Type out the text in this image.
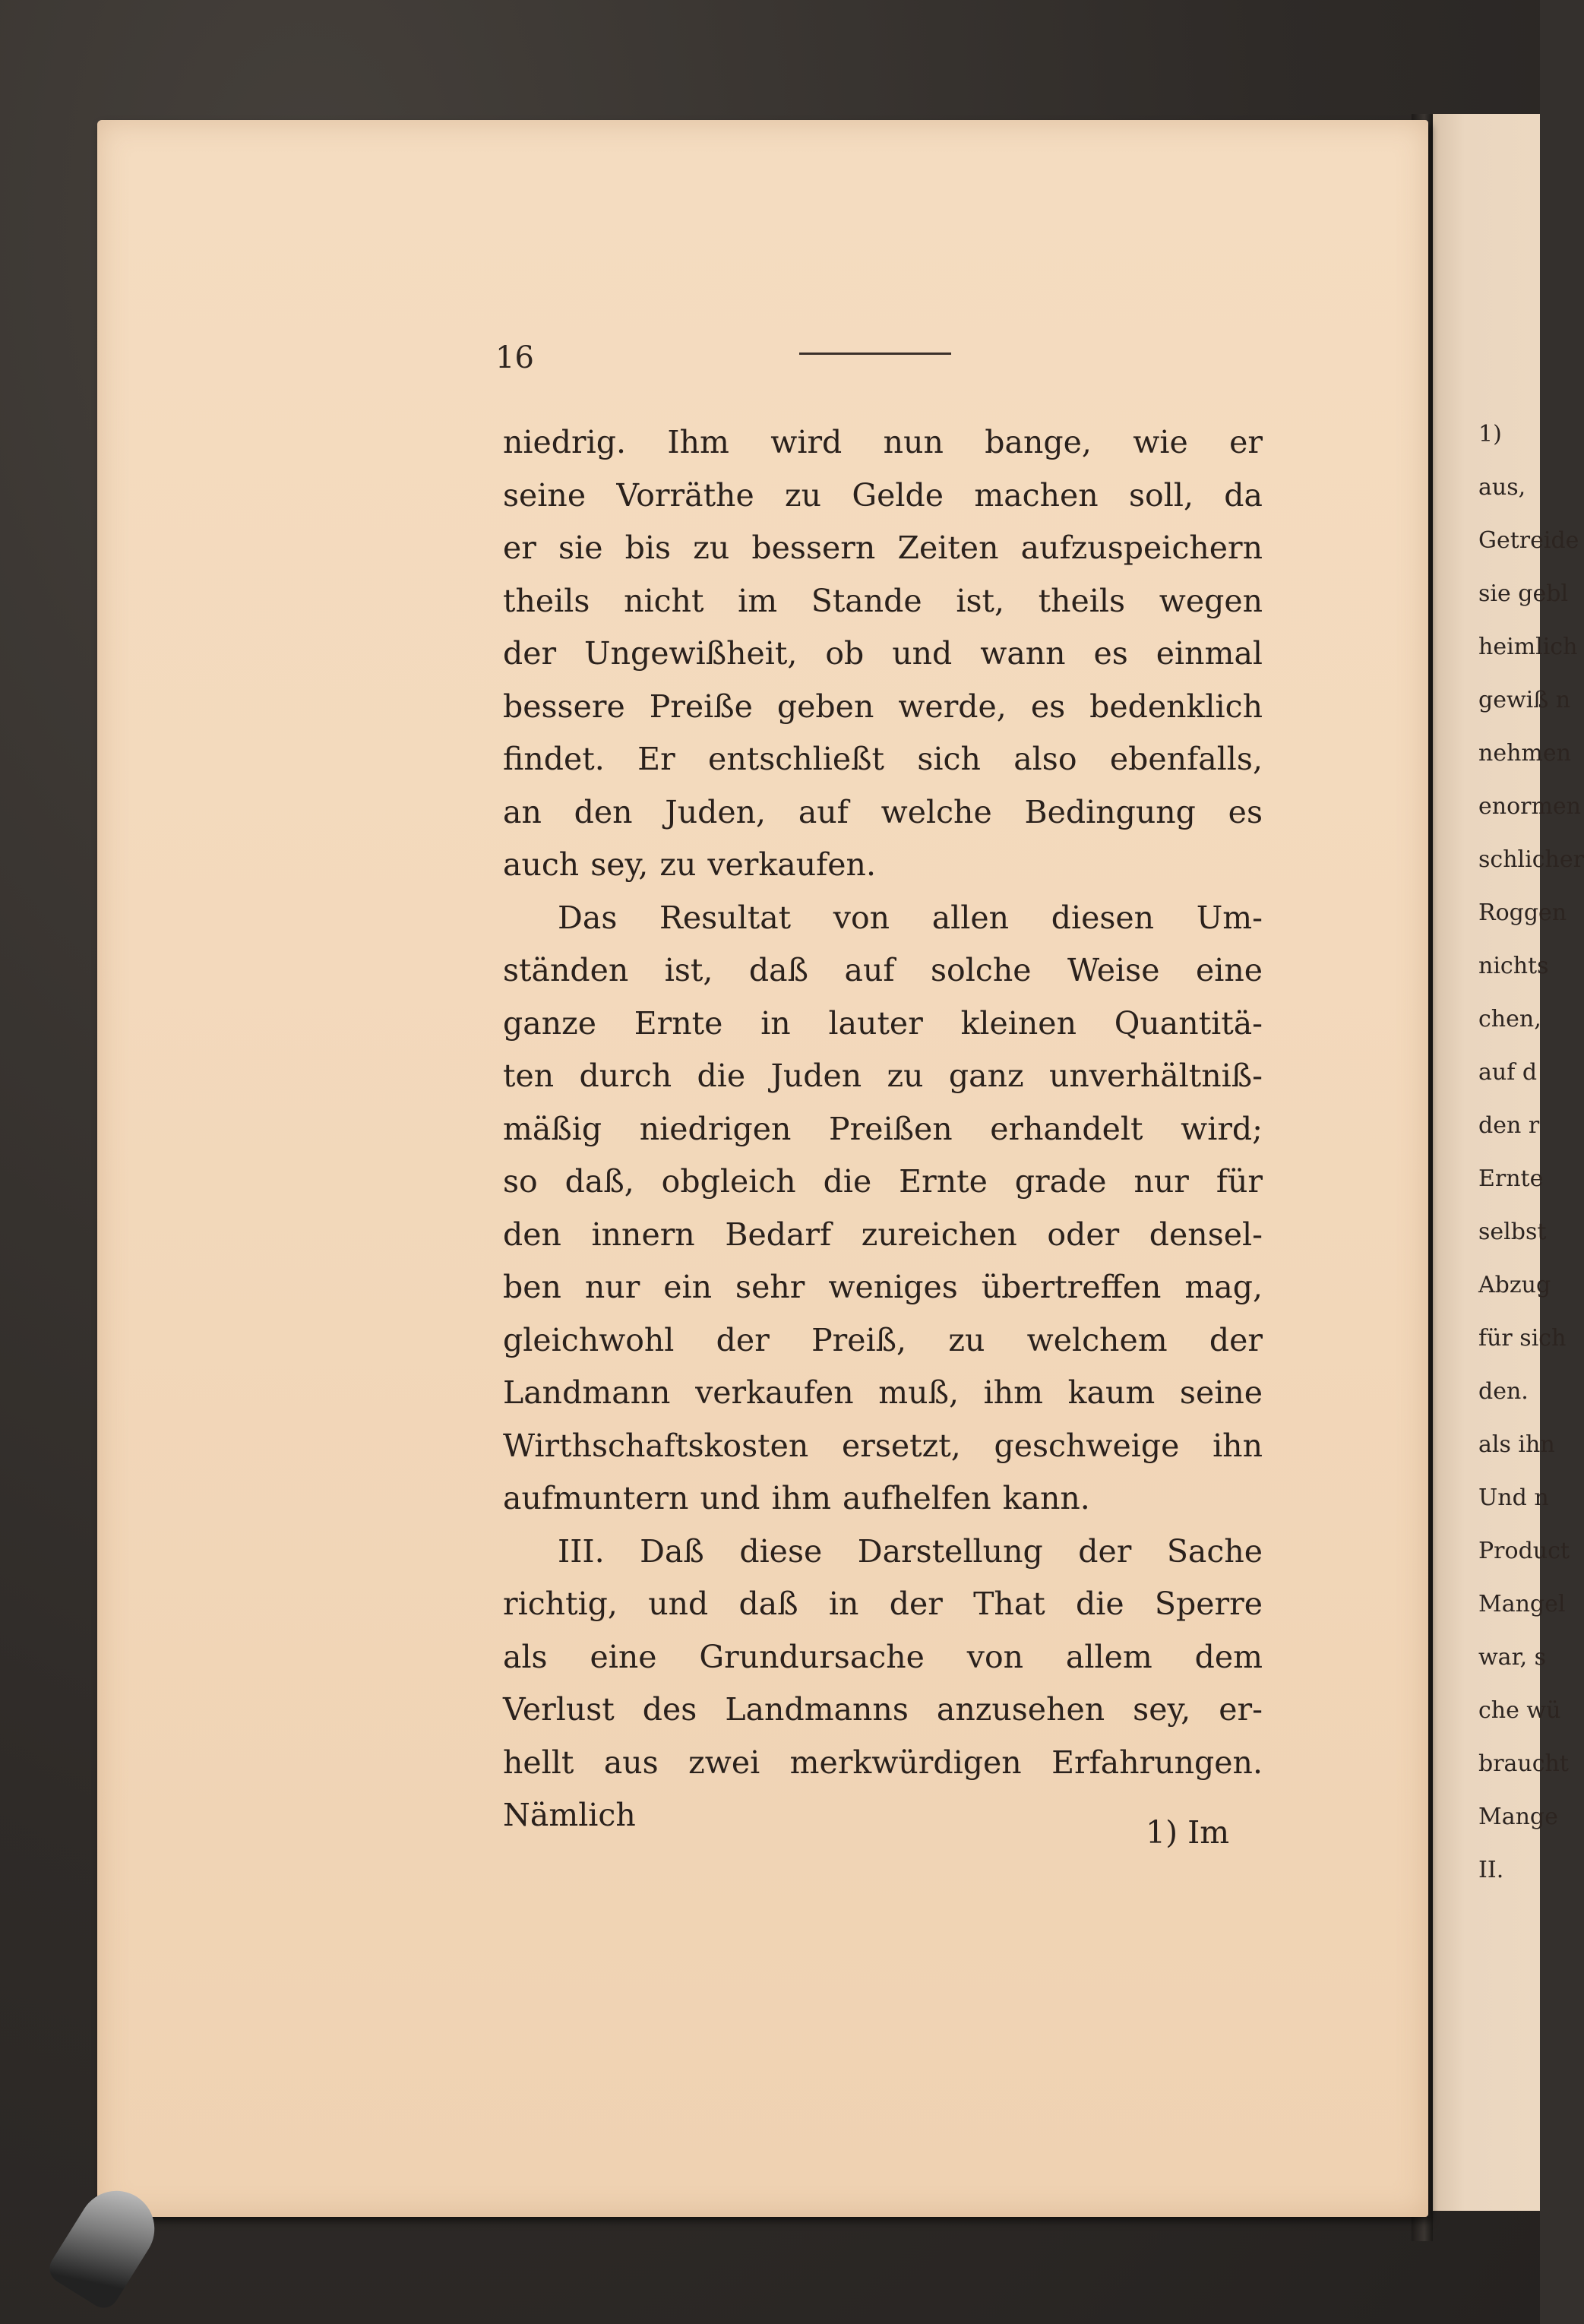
1)

aus,

Getreide

sie gebl

heimlich

gewiß n

nehmen

enormen

schlicher

Roggen

nichts

chen,

auf d

den r

Ernte

selbst

Abzug

für sich

den.

als ihn

Und n

Product

Mangel

war, s

che wü

braucht

Mange

II.

16

niedrig. Ihm wird nun bange, wie er

seine Vorräthe zu Gelde machen soll, da

er sie bis zu bessern Zeiten aufzuspeichern

theils nicht im Stande ist, theils wegen

der Ungewißheit, ob und wann es einmal

bessere Preiße geben werde, es bedenklich

findet. Er entschließt sich also ebenfalls,

an den Juden, auf welche Bedingung es

auch sey, zu verkaufen.

Das Resultat von allen diesen Um-

ständen ist, daß auf solche Weise eine

ganze Ernte in lauter kleinen Quantitä-

ten durch die Juden zu ganz unverhältniß-

mäßig niedrigen Preißen erhandelt wird;

so daß, obgleich die Ernte grade nur für

den innern Bedarf zureichen oder densel-

ben nur ein sehr weniges übertreffen mag,

gleichwohl der Preiß, zu welchem der

Landmann verkaufen muß, ihm kaum seine

Wirthschaftskosten ersetzt, geschweige ihn

aufmuntern und ihm aufhelfen kann.

III. Daß diese Darstellung der Sache

richtig, und daß in der That die Sperre

als eine Grundursache von allem dem

Verlust des Landmanns anzusehen sey, er-

hellt aus zwei merkwürdigen Erfahrungen.

Nämlich	1) Im
